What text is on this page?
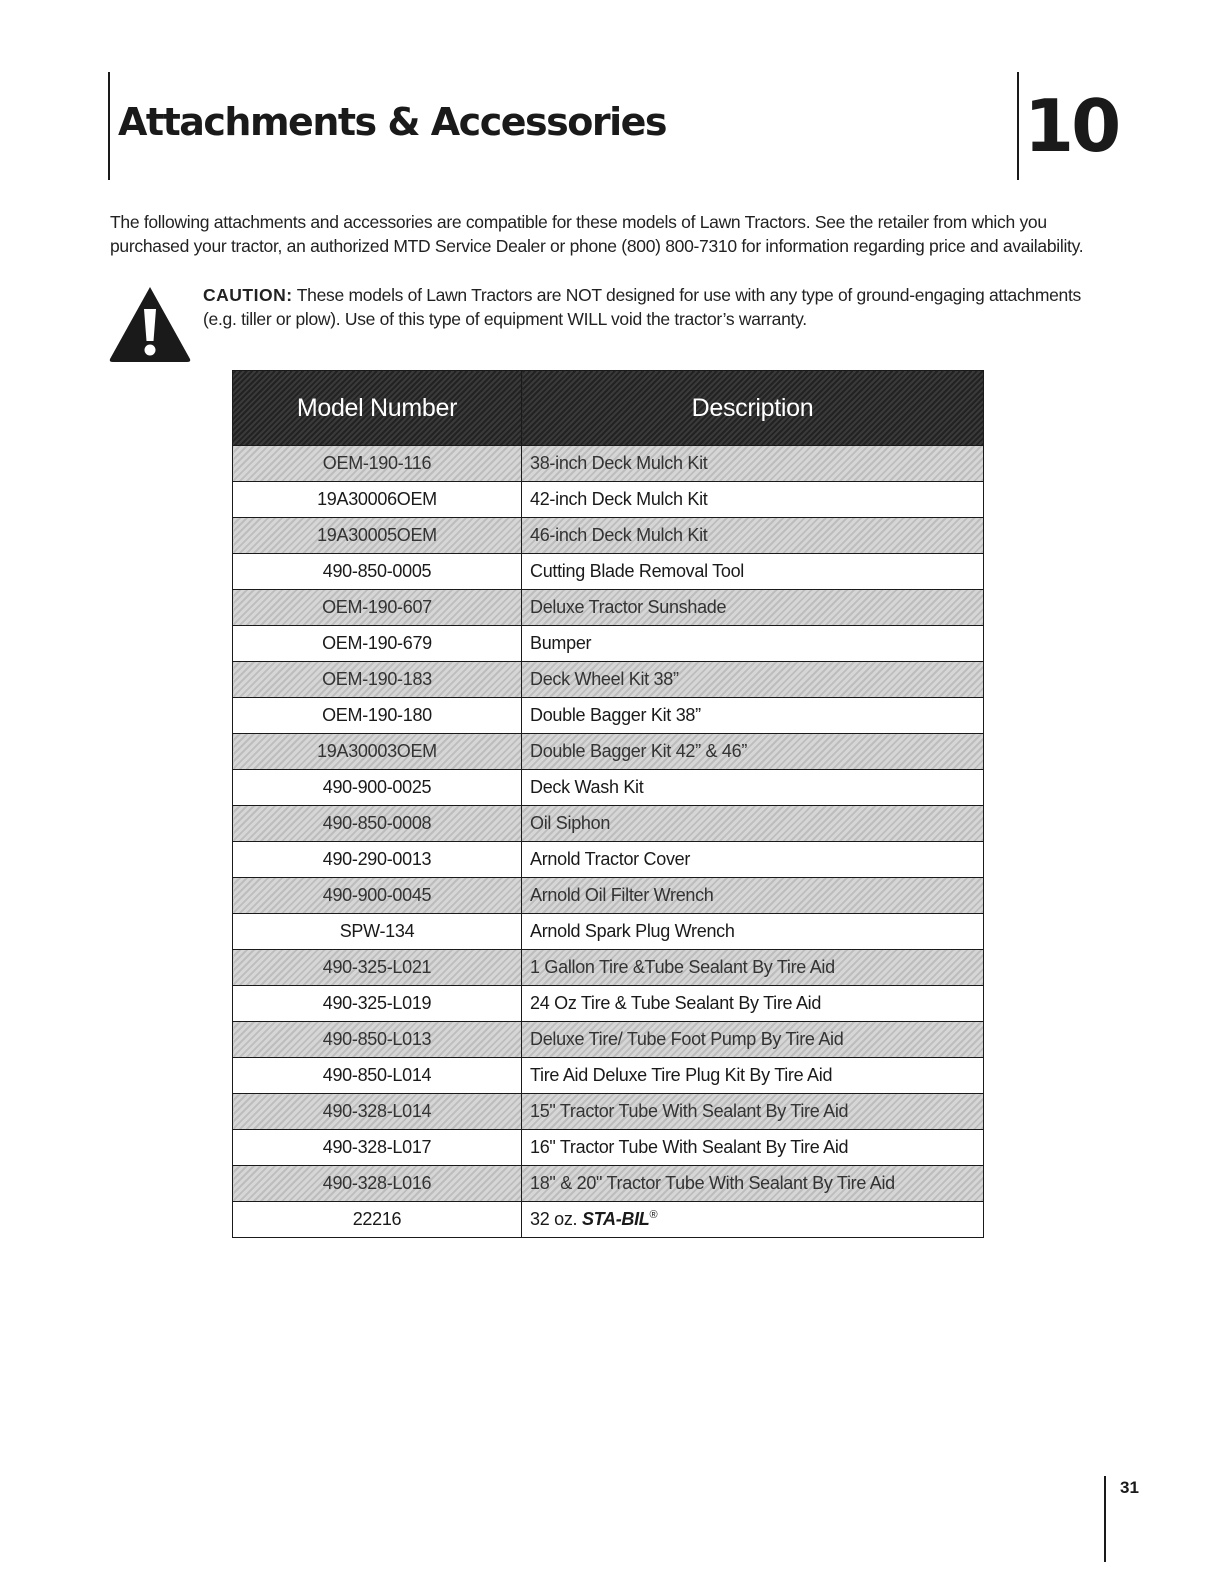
Attachments & Accessories	10
The following attachments and accessories are compatible for these models of Lawn Tractors. See the retailer from which you purchased your tractor, an authorized MTD Service Dealer or phone (800) 800-7310 for information regarding price and availability.
CAUTION: These models of Lawn Tractors are NOT designed for use with any type of ground-engaging attachments (e.g. tiller or plow). Use of this type of equipment WILL void the tractor’s warranty.
Model Number	Description
OEM-190-116	38-inch Deck Mulch Kit
19A30006OEM	42-inch Deck Mulch Kit
19A30005OEM	46-inch Deck Mulch Kit
490-850-0005	Cutting Blade Removal Tool
OEM-190-607	Deluxe Tractor Sunshade
OEM-190-679	Bumper
OEM-190-183	Deck Wheel Kit 38”
OEM-190-180	Double Bagger Kit 38”
19A30003OEM	Double Bagger Kit 42” & 46”
490-900-0025	Deck Wash Kit
490-850-0008	Oil Siphon
490-290-0013	Arnold Tractor Cover
490-900-0045	Arnold Oil Filter Wrench
SPW-134	Arnold Spark Plug Wrench
490-325-L021	1 Gallon Tire &Tube Sealant By Tire Aid
490-325-L019	24 Oz Tire & Tube Sealant By Tire Aid
490-850-L013	Deluxe Tire/ Tube Foot Pump By Tire Aid
490-850-L014	Tire Aid Deluxe Tire Plug Kit By Tire Aid
490-328-L014	15" Tractor Tube With Sealant By Tire Aid
490-328-L017	16" Tractor Tube With Sealant By Tire Aid
490-328-L016	18" & 20" Tractor Tube With Sealant By Tire Aid
22216	32 oz. STA-BIL®
31
